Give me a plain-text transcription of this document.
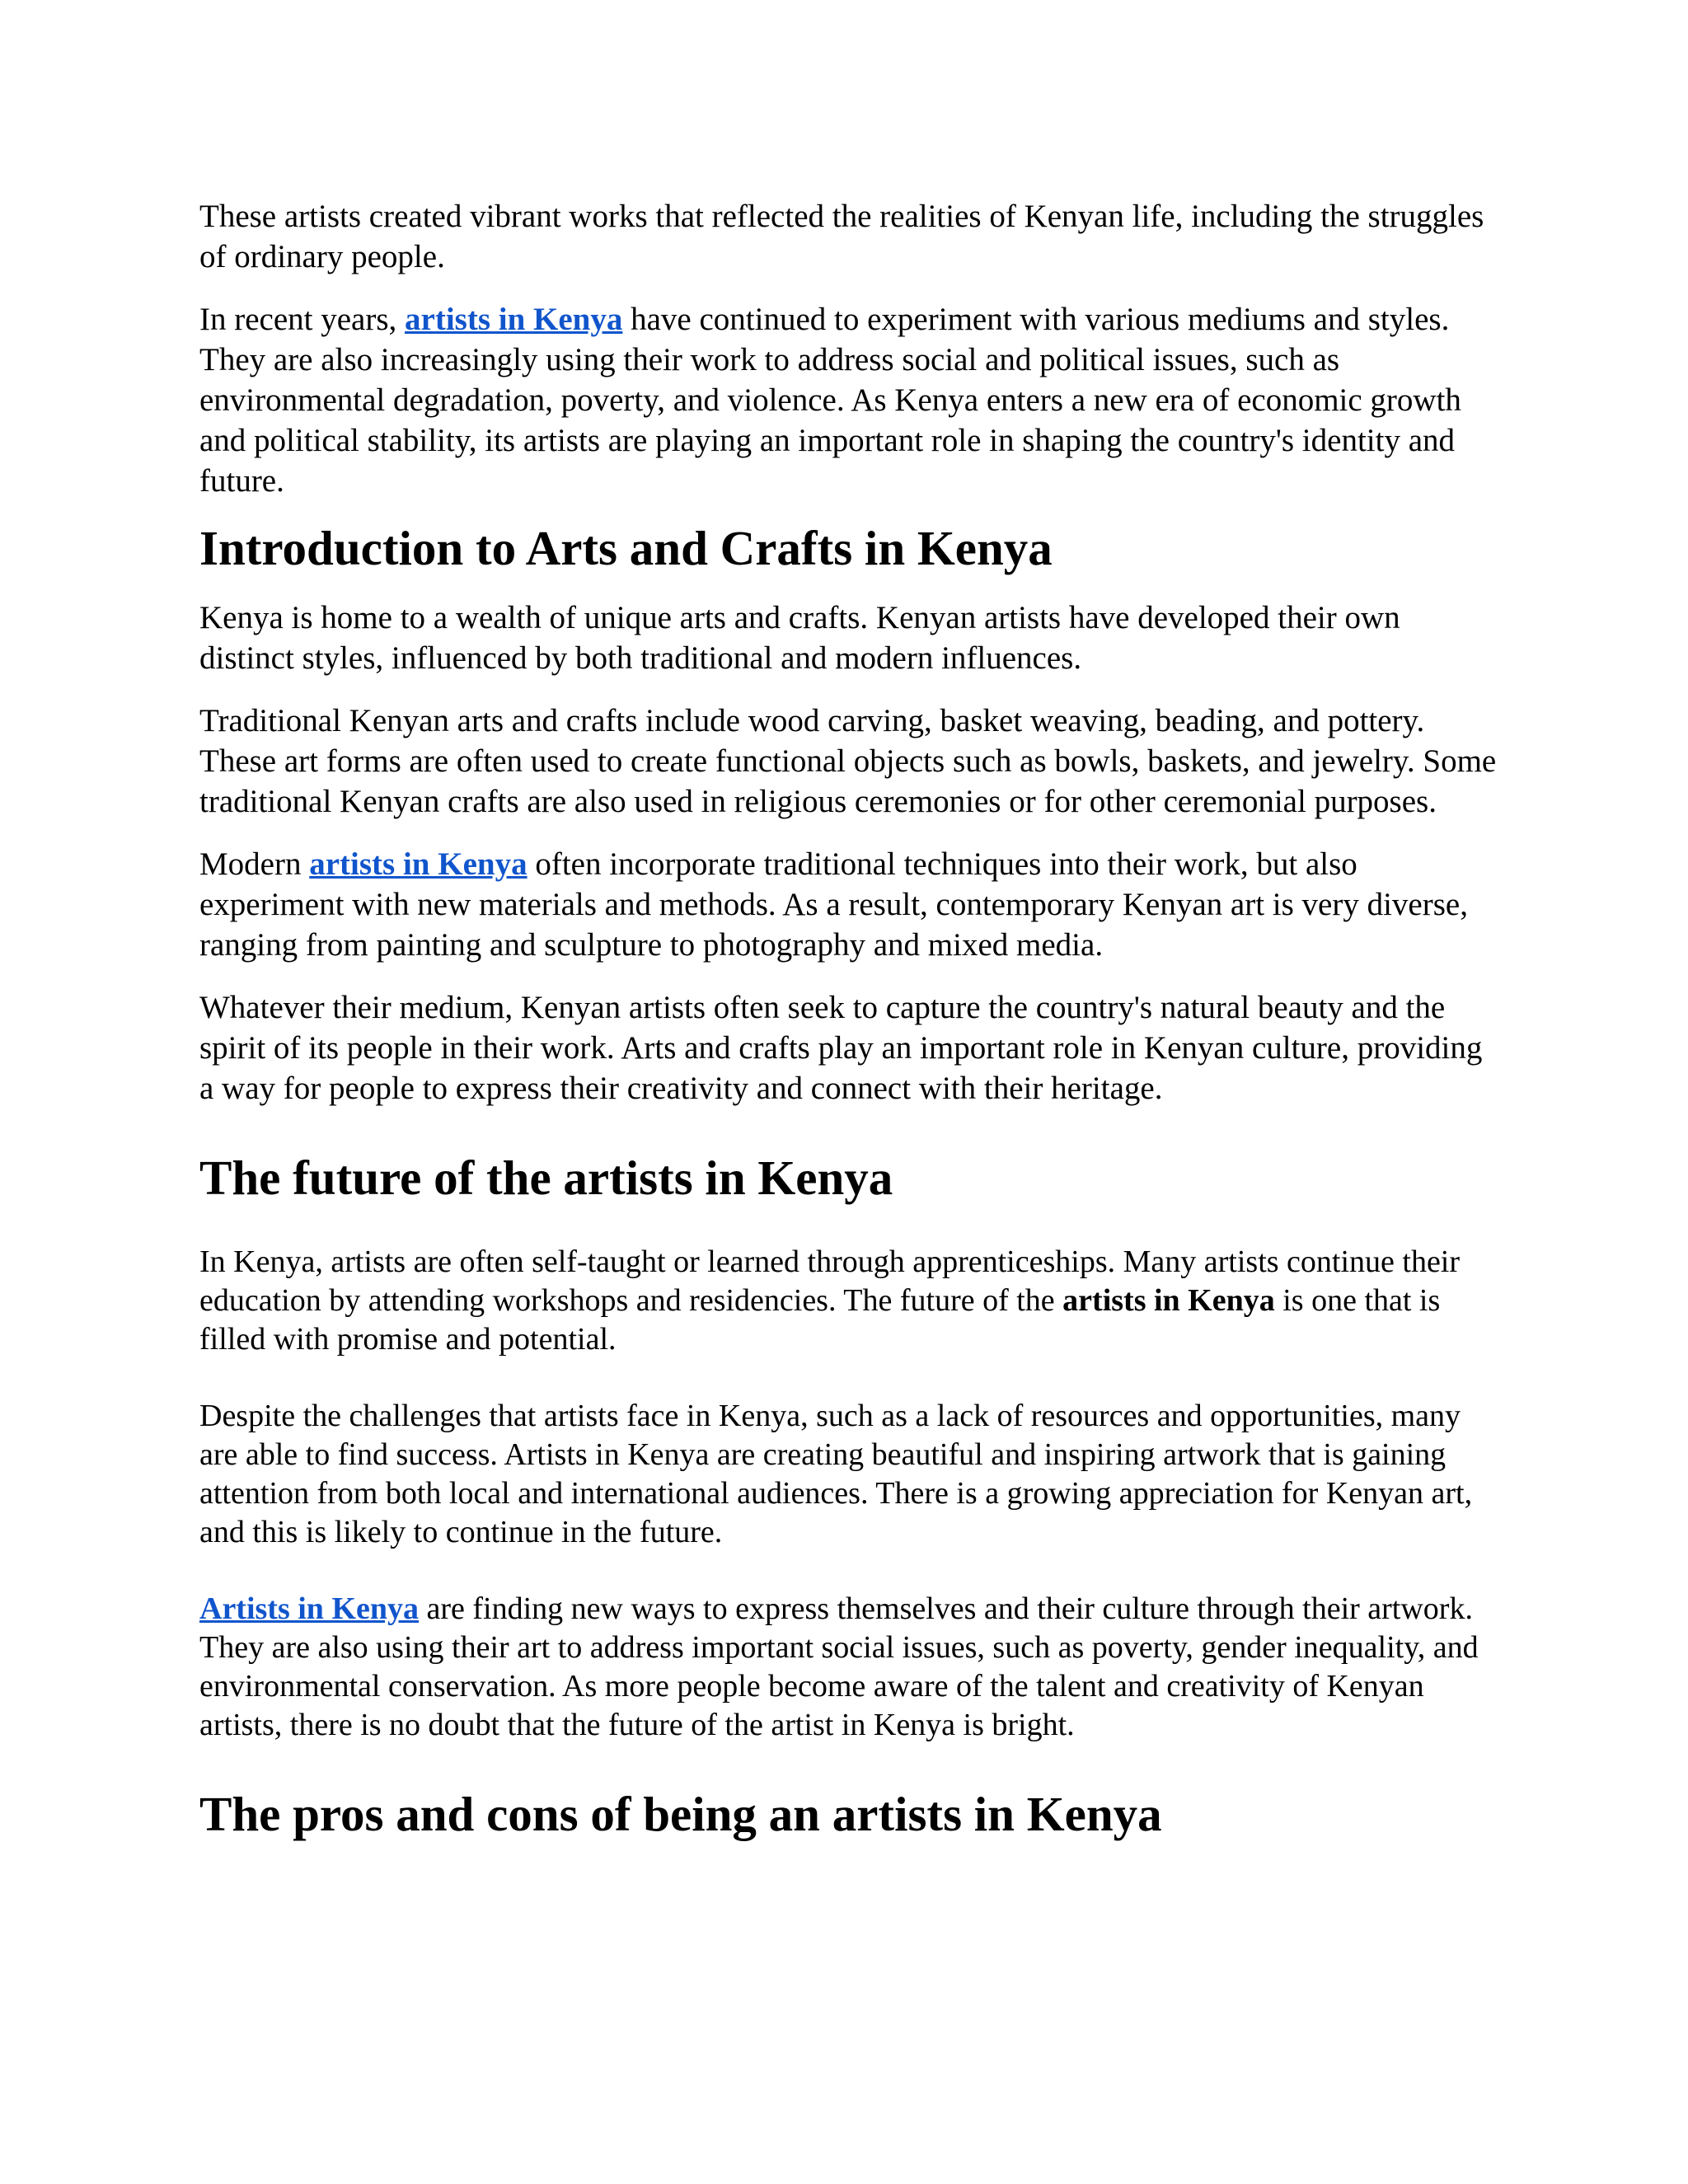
These artists created vibrant works that reflected the realities of Kenyan life, including the struggles of ordinary people.

In recent years, artists in Kenya have continued to experiment with various mediums and styles. They are also increasingly using their work to address social and political issues, such as environmental degradation, poverty, and violence. As Kenya enters a new era of economic growth and political stability, its artists are playing an important role in shaping the country's identity and future.

Introduction to Arts and Crafts in Kenya

Kenya is home to a wealth of unique arts and crafts. Kenyan artists have developed their own distinct styles, influenced by both traditional and modern influences.

Traditional Kenyan arts and crafts include wood carving, basket weaving, beading, and pottery. These art forms are often used to create functional objects such as bowls, baskets, and jewelry. Some traditional Kenyan crafts are also used in religious ceremonies or for other ceremonial purposes.

Modern artists in Kenya often incorporate traditional techniques into their work, but also experiment with new materials and methods. As a result, contemporary Kenyan art is very diverse, ranging from painting and sculpture to photography and mixed media.

Whatever their medium, Kenyan artists often seek to capture the country's natural beauty and the spirit of its people in their work. Arts and crafts play an important role in Kenyan culture, providing a way for people to express their creativity and connect with their heritage.

The future of the artists in Kenya

In Kenya, artists are often self-taught or learned through apprenticeships. Many artists continue their education by attending workshops and residencies. The future of the artists in Kenya is one that is filled with promise and potential.

Despite the challenges that artists face in Kenya, such as a lack of resources and opportunities, many are able to find success. Artists in Kenya are creating beautiful and inspiring artwork that is gaining attention from both local and international audiences. There is a growing appreciation for Kenyan art, and this is likely to continue in the future.

Artists in Kenya are finding new ways to express themselves and their culture through their artwork. They are also using their art to address important social issues, such as poverty, gender inequality, and environmental conservation. As more people become aware of the talent and creativity of Kenyan artists, there is no doubt that the future of the artist in Kenya is bright.

The pros and cons of being an artists in Kenya
